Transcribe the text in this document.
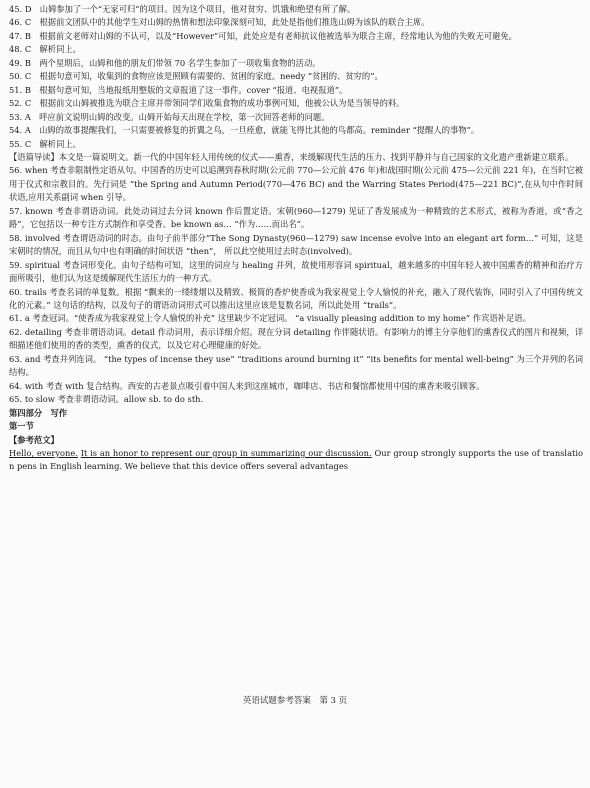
45. D　山姆参加了一个“无家可归”的项目。因为这个项目，他对贫穷、饥饿和绝望有所了解。

46. C　根据前文团队中的其他学生对山姆的热情和想法印象深刻可知，此处是指他们推选山姆为该队的联合主席。

47. B　根据前文老师对山姆的不认可，以及“However”可知，此处应是有老师抗议他被选举为联合主席，经常地认为他的失败无可避免。

48. C　解析同上。

49. B　两个星期后，山姆和他的朋友们带领 70 名学生参加了一项收集食物的活动。

50. C　根据句意可知，收集到的食物应该是照顾有需要的、贫困的家庭。needy “贫困的、贫穷的”。

51. B　根据句意可知，当地报纸用整版的文章报道了这一事件。cover “报道、电视报道”。

52. C　根据前文山姆被推选为联合主席并带领同学们收集食物的成功事例可知，他被公认为是当领导的料。

53. A　呼应前文说明山姆的改变。山姆开始每天出现在学校，第一次回答老师的问题。

54. A　山姆的故事提醒我们，一只需要被修复的折翼之鸟，一旦痊愈，就能飞得比其他的鸟都高。reminder “提醒人的事物”。

55. C　解析同上。

【语篇导读】本文是一篇说明文。新一代的中国年轻人用传统的仪式——熏香，来缓解现代生活的压力、找到平静并与自己国家的文化遗产重新建立联系。

56. when 考查非限制性定语从句。中国香的历史可以追溯到春秋时期(公元前 770—公元前 476 年)和战国时期(公元前 475—公元前 221 年)，在当时它被用于仪式和宗教目的。先行词是 “the Spring and Autumn Period(770—476 BC) and the Warring States Period(475—221 BC)”,在从句中作时间状语,应用关系副词 when 引导。

57. known 考查非谓语动词。此处动词过去分词 known 作后置定语。宋朝(960—1279) 见证了香发展成为一种精致的艺术形式，被称为香道，或“香之路”，它包括以一种专注方式制作和享受香。be known as… “作为……而出名”。

58. involved 考查谓语动词的时态。由句子前半部分“The Song Dynasty(960—1279) saw incense evolve into an elegant art form…” 可知，这是宋朝时的情况，而且从句中也有明确的时间状语 “then”， 所以此空使用过去时态(involved)。

59. spiritual 考查词形变化。由句子结构可知，这里的词应与 healing 并列，故使用形容词 spiritual，越来越多的中国年轻人被中国熏香的精神和治疗方面所吸引，他们认为这是缓解现代生活压力的一种方式。

60. trails 考查名词的单复数。根据 “飘来的一缕缕烟以及精致、极简的香炉使香成为我家视觉上令人愉悦的补充，融入了现代装饰，同时引入了中国传统文化的元素。” 这句话的结构，以及句子的谓语动词形式可以推出这里应该是复数名词，所以此处用 “trails”。

61. a 考查冠词。“使香成为我家视觉上令人愉悦的补充” 这里缺少不定冠词。 “a visually pleasing addition to my home” 作宾语补足语。

62. detailing 考查非谓语动词。detail 作动词用，表示详细介绍。现在分词 detailing 作伴随状语。有影响力的博主分享他们的熏香仪式的图片和视频，详细描述他们使用的香的类型，熏香的仪式，以及它对心理健康的好处。

63. and 考查并列连词。 “the types of incense they use” “traditions around burning it” “its benefits for mental well-being” 为三个并列的名词结构。

64. with 考查 with 复合结构。西安的古老景点吸引着中国人来到这座城市，咖啡店、书店和餐馆都使用中国的熏香来吸引顾客。

65. to slow 考查非谓语动词。allow sb. to do sth.

第四部分　写作

第一节

【参考范文】

Hello, everyone. It is an honor to represent our group in summarizing our discussion. Our group strongly supports the use of translation pens in English learning. We believe that this device offers several advantages

英语试题参考答案　第 3 页
